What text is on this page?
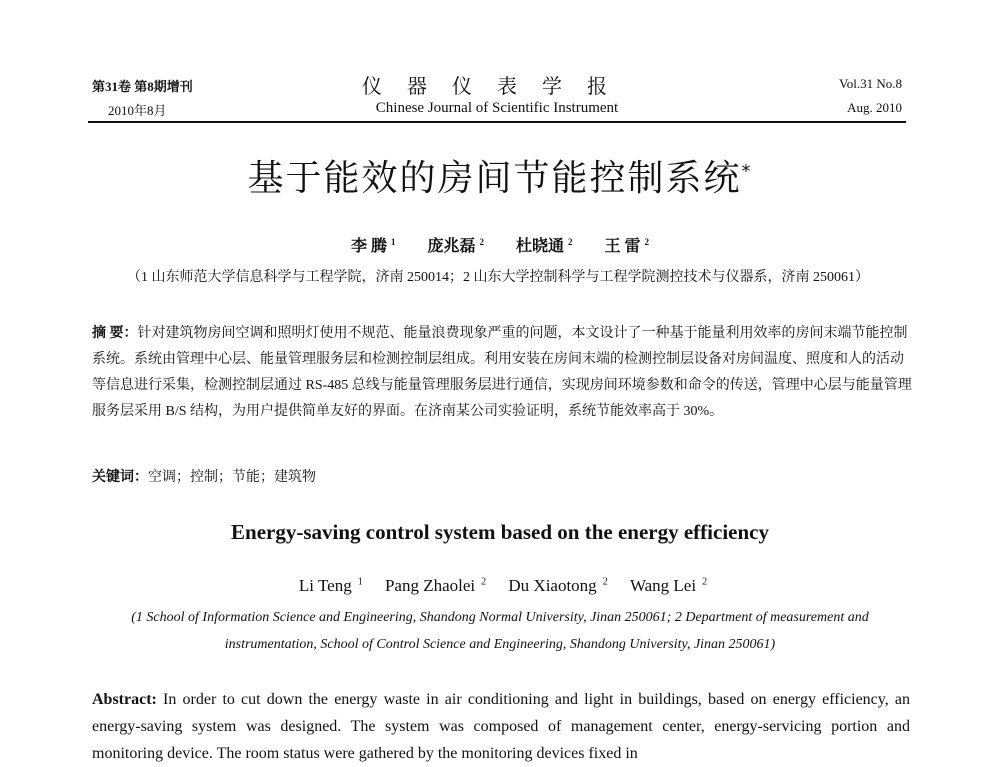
第31卷 第8期增刊
2010年8月
仪器仪表学报
Chinese Journal of Scientific Instrument
Vol.31 No.8
Aug. 2010
基于能效的房间节能控制系统*
李 腾 $^1$ 庞兆磊 $^2$ 杜晓通 $^2$ 王 雷 $^2$
（1 山东师范大学信息科学与工程学院，济南 250014；2 山东大学控制科学与工程学院测控技术与仪器系，济南 250061）
摘 要：针对建筑物房间空调和照明灯使用不规范、能量浪费现象严重的问题，本文设计了一种基于能量利用效率的房间末端节能控制系统。系统由管理中心层、能量管理服务层和检测控制层组成。利用安装在房间末端的检测控制层设备对房间温度、照度和人的活动等信息进行采集，检测控制层通过 RS-485 总线与能量管理服务层进行通信，实现房间环境参数和命令的传送，管理中心层与能量管理服务层采用 B/S 结构，为用户提供简单友好的界面。在济南某公司实验证明，系统节能效率高于 30%。
关键词：空调；控制；节能；建筑物
Energy-saving control system based on the energy efficiency
Li Teng $^1$ Pang Zhaolei $^2$ Du Xiaotong $^2$ Wang Lei $^2$
(1 School of Information Science and Engineering, Shandong Normal University, Jinan 250061; 2 Department of measurement and instrumentation, School of Control Science and Engineering, Shandong University, Jinan 250061)
Abstract: In order to cut down the energy waste in air conditioning and light in buildings, based on energy efficiency, an energy-saving system was designed. The system was composed of management center, energy-servicing portion and monitoring device. The room status were gathered by the monitoring devices fixed in
